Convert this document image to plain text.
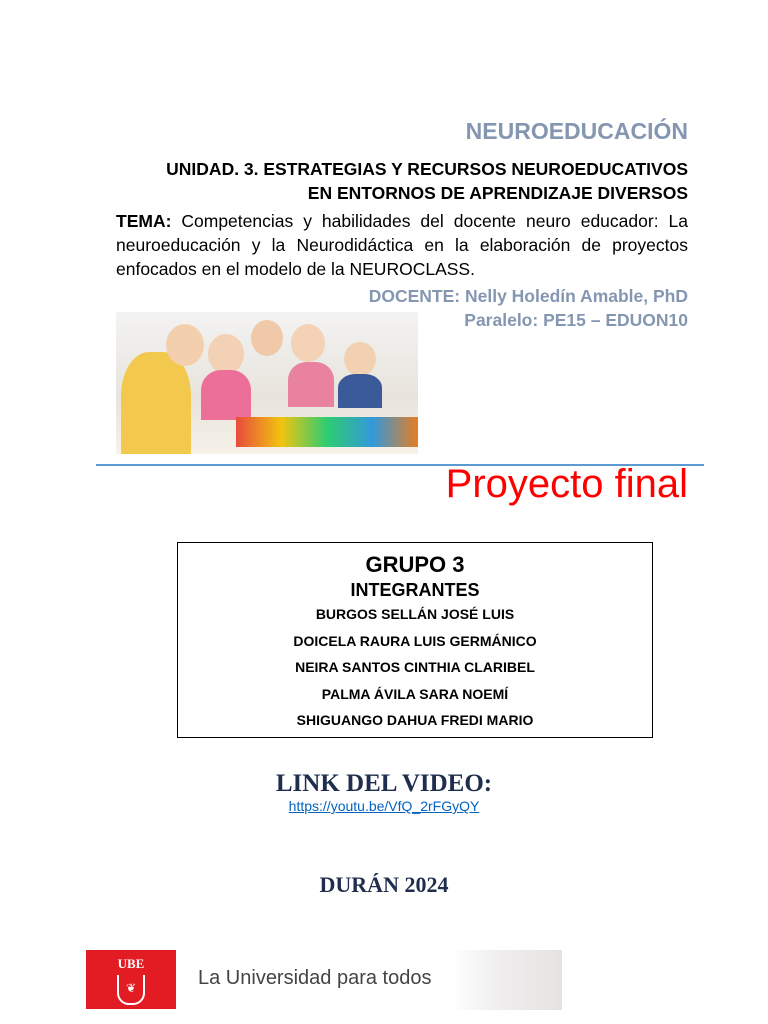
NEUROEDUCACIÓN
UNIDAD. 3. ESTRATEGIAS Y RECURSOS NEUROEDUCATIVOS
EN ENTORNOS DE APRENDIZAJE DIVERSOS
TEMA: Competencias y habilidades del docente neuro educador: La neuroeducación y la Neurodidáctica en la elaboración de proyectos enfocados en el modelo de la NEUROCLASS.
DOCENTE: Nelly Holedín Amable, PhD
Paralelo: PE15 – EDUON10
Proyecto final
GRUPO 3
INTEGRANTES
BURGOS SELLÁN JOSÉ LUIS
DOICELA RAURA LUIS GERMÁNICO
NEIRA SANTOS CINTHIA CLARIBEL
PALMA ÁVILA SARA NOEMÍ
SHIGUANGO DAHUA FREDI MARIO
LINK DEL VIDEO:
https://youtu.be/VfQ_2rFGyQY
DURÁN 2024
UBE
❦	La Universidad para todos
